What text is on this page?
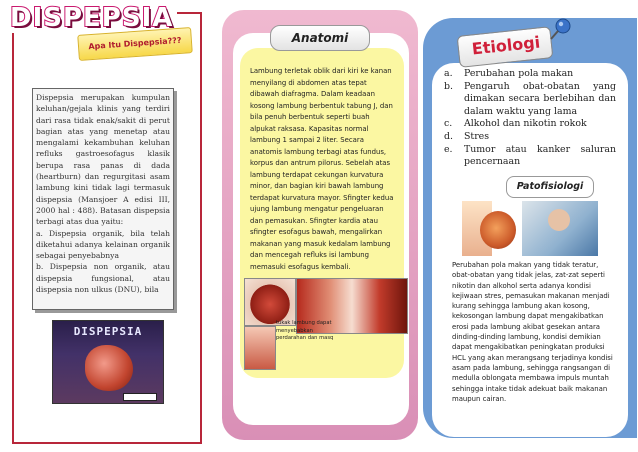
DISPEPSIA
Apa Itu Dispepsia???

Dispepsia merupakan kumpulan keluhan/gejala klinis yang terdiri dari rasa tidak enak/sakit di perut bagian atas yang menetap atau mengalami kekambuhan keluhan refluks gastroesofagus klasik berupa rasa panas di dada (heartburn) dan regurgitasi asam lambung kini tidak lagi termasuk dispepsia (Mansjoer A edisi III, 2000 hal : 488). Batasan dispepsia terbagi atas dua yaitu:

a. Dispepsia organik, bila telah diketahui adanya kelainan organik sebagai penyebabnya

b. Dispepsia non organik, atau dispepsia fungsional, atau dispepsia non ulkus (DNU), bila

DISPEPSIA
Anatomi
Lambung terletak oblik dari kiri ke kanan menyilang di abdomen atas tepat dibawah diafragma. Dalam keadaan kosong lambung berbentuk tabung J, dan bila penuh berbentuk seperti buah alpukat raksasa. Kapasitas normal lambung 1 sampai 2 liter. Secara anatomis lambung terbagi atas fundus, korpus dan antrum pilorus. Sebelah atas lambung terdapat cekungan kurvatura minor, dan bagian kiri bawah lambung terdapat kurvatura mayor. Sfingter kedua ujung lambung mengatur pengeluaran dan pemasukan. Sfingter kardia atau sfingter esofagus bawah, mengalirkan makanan yang masuk kedalam lambung dan mencegah refluks isi lambung memasuki esofagus kembali.
tukak lambung dapat menyebabkan perdarahan dan masq
Etiologi
a.	Perubahan pola makan
b.	Pengaruh obat-obatan yang dimakan secara berlebihan dan dalam waktu yang lama
c.	Alkohol dan nikotin rokok
d.	Stres
e.	Tumor atau kanker saluran pencernaan
Patofisiologi
Perubahan pola makan yang tidak teratur, obat-obatan yang tidak jelas, zat-zat seperti nikotin dan alkohol serta adanya kondisi kejiwaan stres, pemasukan makanan menjadi kurang sehingga lambung akan kosong, kekosongan lambung dapat mengakibatkan erosi pada lambung akibat gesekan antara dinding-dinding lambung, kondisi demikian dapat mengakibatkan peningkatan produksi HCL yang akan merangsang terjadinya kondisi asam pada lambung, sehingga rangsangan di medulla oblongata membawa impuls muntah sehingga intake tidak adekuat baik makanan maupun cairan.
